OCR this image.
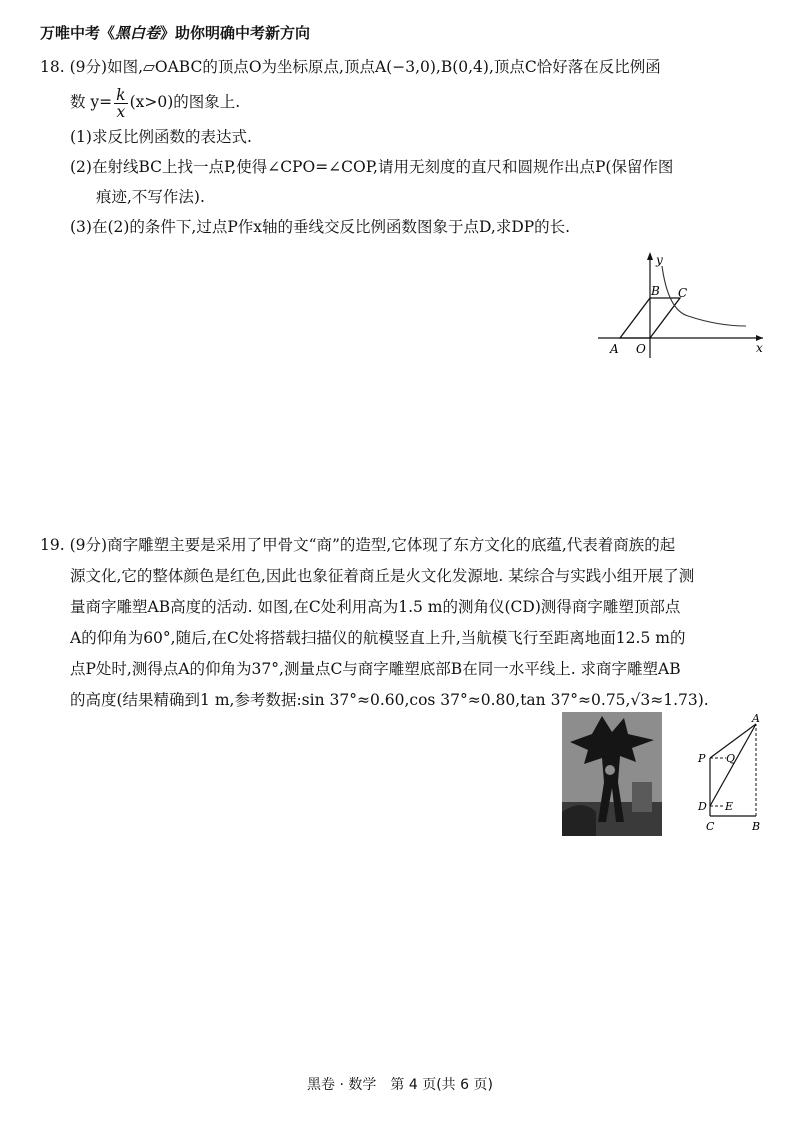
万唯中考《黑白卷》助你明确中考新方向

18. (9分)如图,▱OABC的顶点O为坐标原点,顶点A(−3,0),B(0,4),顶点C恰好落在反比例函

数 $y= \frac{k}{x} (x>0)$的图象上.

(1)求反比例函数的表达式.

(2)在射线BC上找一点P,使得∠CPO=∠COP,请用无刻度的直尺和圆规作出点P(保留作图

痕迹,不写作法).

(3)在(2)的条件下,过点P作x轴的垂线交反比例函数图象于点D,求DP的长.

y
x
A O
B C

19. (9分)商字雕塑主要是采用了甲骨文“商”的造型,它体现了东方文化的底蕴,代表着商族的起

源文化,它的整体颜色是红色,因此也象征着商丘是火文化发源地. 某综合与实践小组开展了测

量商字雕塑AB高度的活动. 如图,在C处利用高为1.5 m的测角仪(CD)测得商字雕塑顶部点

A的仰角为60°,随后,在C处将搭载扫描仪的航模竖直上升,当航模飞行至距离地面12.5 m的

点P处时,测得点A的仰角为37°,测量点C与商字雕塑底部B在同一水平线上. 求商字雕塑AB

的高度(结果精确到1 m,参考数据:sin 37°≈0.60,cos 37°≈0.80,tan 37°≈0.75,√3≈1.73).

A
P Q
D E
C	B
黑卷 · 数学　第 4 页(共 6 页)
